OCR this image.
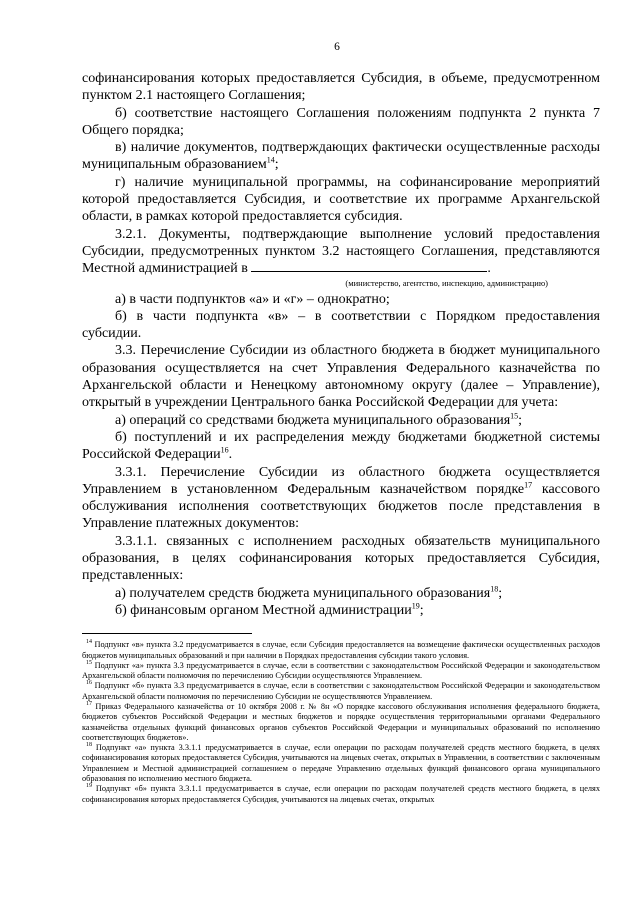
6

софинансирования которых предоставляется Субсидия, в объеме, предусмотренном пунктом 2.1 настоящего Соглашения;

б) соответствие настоящего Соглашения положениям подпункта 2 пункта 7 Общего порядка;

в) наличие документов, подтверждающих фактически осуществленные расходы муниципальным образованием$^{14}$;

г) наличие муниципальной программы, на софинансирование мероприятий которой предоставляется Субсидия, и соответствие их программе Архангельской области, в рамках которой предоставляется субсидия.

3.2.1. Документы, подтверждающие выполнение условий предоставления Субсидии, предусмотренных пунктом 3.2 настоящего Соглашения, представляются Местной администрацией в	.

(министерство, агентство, инспекцию, администрацию)

а) в части подпунктов «а» и «г» – однократно;

б) в части подпункта «в» – в соответствии с Порядком предоставления субсидии.

3.3. Перечисление Субсидии из областного бюджета в бюджет муниципального образования осуществляется на счет Управления Федерального казначейства по Архангельской области и Ненецкому автономному округу (далее – Управление), открытый в учреждении Центрального банка Российской Федерации для учета:

а) операций со средствами бюджета муниципального образования$^{15}$;

б) поступлений и их распределения между бюджетами бюджетной системы Российской Федерации$^{16}$.

3.3.1. Перечисление Субсидии из областного бюджета осуществляется Управлением в установленном Федеральным казначейством порядке$^{17}$ кассового обслуживания исполнения соответствующих бюджетов после представления в Управление платежных документов:

3.3.1.1. связанных с исполнением расходных обязательств муниципального образования, в целях софинансирования которых предоставляется Субсидия, представленных:

а) получателем средств бюджета муниципального образования$^{18}$;

б) финансовым органом Местной администрации$^{19}$;

$^{14}$ Подпункт «в» пункта 3.2 предусматривается в случае, если Субсидия предоставляется на возмещение фактически осуществленных расходов бюджетов муниципальных образований и при наличии в Порядках предоставления субсидии такого условия.

$^{15}$ Подпункт «а» пункта 3.3 предусматривается в случае, если в соответствии с законодательством Российской Федерации и законодательством Архангельской области полномочия по перечислению Субсидии осуществляются Управлением.

$^{16}$ Подпункт «б» пункта 3.3 предусматривается в случае, если в соответствии с законодательством Российской Федерации и законодательством Архангельской области полномочия по перечислению Субсидии не осуществляются Управлением.

$^{17}$ Приказ Федерального казначейства от 10 октября 2008 г. № 8н «О порядке кассового обслуживания исполнения федерального бюджета, бюджетов субъектов Российской Федерации и местных бюджетов и порядке осуществления территориальными органами Федерального казначейства отдельных функций финансовых органов субъектов Российской Федерации и муниципальных образований по исполнению соответствующих бюджетов».

$^{18}$ Подпункт «а» пункта 3.3.1.1 предусматривается в случае, если операции по расходам получателей средств местного бюджета, в целях софинансирования которых предоставляется Субсидия, учитываются на лицевых счетах, открытых в Управлении, в соответствии с заключенным Управлением и Местной администрацией соглашением о передаче Управлению отдельных функций финансового органа муниципального образования по исполнению местного бюджета.

$^{19}$ Подпункт «б» пункта 3.3.1.1 предусматривается в случае, если операции по расходам получателей средств местного бюджета, в целях софинансирования которых предоставляется Субсидия, учитываются на лицевых счетах, открытых
